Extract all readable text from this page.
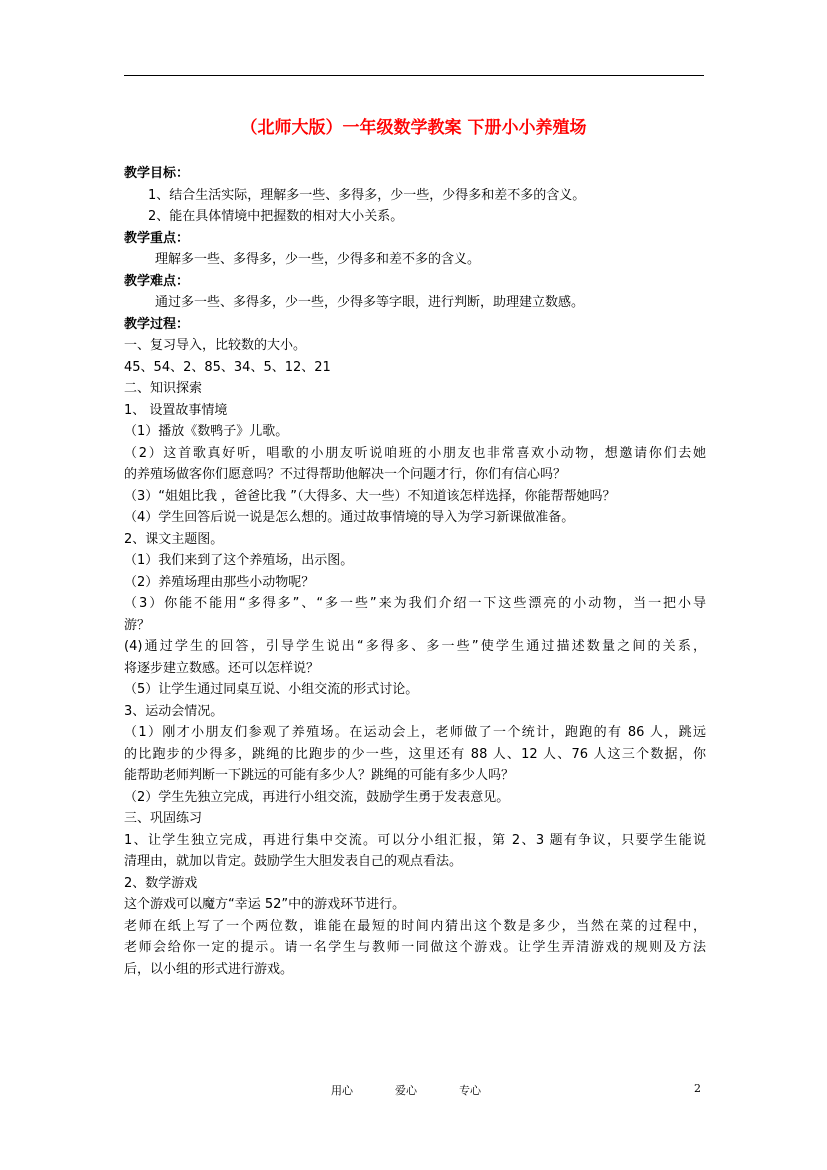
（北师大版）一年级数学教案 下册小小养殖场
教学目标：
1、结合生活实际，理解多一些、多得多，少一些，少得多和差不多的含义。
2、能在具体情境中把握数的相对大小关系。
教学重点：
理解多一些、多得多，少一些，少得多和差不多的含义。
教学难点：
通过多一些、多得多，少一些，少得多等字眼，进行判断，助理建立数感。
教学过程：
一、复习导入，比较数的大小。
45、54、2、85、34、5、12、21
二、知识探索
1、 设置故事情境
（1）播放《数鸭子》儿歌。
（2）这首歌真好听，唱歌的小朋友听说咱班的小朋友也非常喜欢小动物，想邀请你们去她
的养殖场做客你们愿意吗？不过得帮助他解决一个问题才行，你们有信心吗？
（3）“姐姐比我 ，爸爸比我 ”（大得多、大一些）不知道该怎样选择，你能帮帮她吗？
（4）学生回答后说一说是怎么想的。通过故事情境的导入为学习新课做准备。
2、课文主题图。
（1）我们来到了这个养殖场，出示图。
（2）养殖场理由那些小动物呢？
（3）你能不能用“多得多”、“多一些”来为我们介绍一下这些漂亮的小动物，当一把小导
游？
(4)通过学生的回答，引导学生说出“多得多、多一些”使学生通过描述数量之间的关系，
将逐步建立数感。还可以怎样说？
（5）让学生通过同桌互说、小组交流的形式讨论。
3、运动会情况。
（1）刚才小朋友们参观了养殖场。在运动会上，老师做了一个统计，跑跑的有 86 人，跳远
的比跑步的少得多，跳绳的比跑步的少一些，这里还有 88 人、12 人、76 人这三个数据，你
能帮助老师判断一下跳远的可能有多少人？跳绳的可能有多少人吗？
（2）学生先独立完成，再进行小组交流，鼓励学生勇于发表意见。
三、巩固练习
1、让学生独立完成，再进行集中交流。可以分小组汇报，第 2、3 题有争议，只要学生能说
清理由，就加以肯定。鼓励学生大胆发表自己的观点看法。
2、数学游戏
这个游戏可以魔方“幸运 52”中的游戏环节进行。
老师在纸上写了一个两位数，谁能在最短的时间内猜出这个数是多少，当然在菜的过程中，
老师会给你一定的提示。请一名学生与教师一同做这个游戏。让学生弄清游戏的规则及方法
后，以小组的形式进行游戏。
用心	爱心	专心	2
